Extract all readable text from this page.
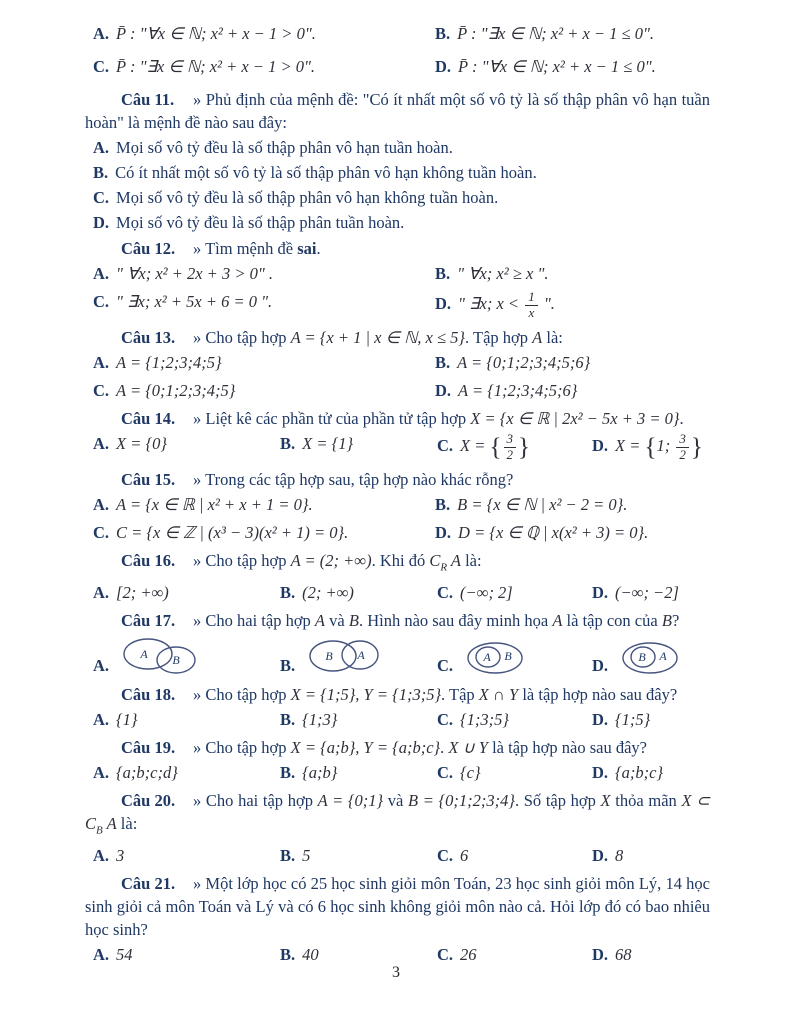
A. P̄ : "∀x ∈ ℕ; x² + x − 1 > 0".	B. P̄ : "∃x ∈ ℕ; x² + x − 1 ≤ 0".
C. P̄ : "∃x ∈ ℕ; x² + x − 1 > 0".	D. P̄ : "∀x ∈ ℕ; x² + x − 1 ≤ 0".

Câu 11. » Phủ định của mệnh đề: "Có ít nhất một số vô tỷ là số thập phân vô hạn tuần hoàn" là mệnh đề nào sau đây:

A. Mọi số vô tỷ đều là số thập phân vô hạn tuần hoàn.

B. Có ít nhất một số vô tỷ là số thập phân vô hạn không tuần hoàn.

C. Mọi số vô tỷ đều là số thập phân vô hạn không tuần hoàn.

D. Mọi số vô tỷ đều là số thập phân tuần hoàn.

Câu 12. » Tìm mệnh đề sai.

A. " ∀x; x² + 2x + 3 > 0" .	B. " ∀x; x² ≥ x ".
C. " ∃x; x² + 5x + 6 = 0 ".	D. " ∃x; $x < \frac{1}{x}$ ".

Câu 13. » Cho tập hợp A = {x + 1 | x ∈ ℕ, x ≤ 5}. Tập hợp A là:

A. A = {1;2;3;4;5}	B. A = {0;1;2;3;4;5;6}
C. A = {0;1;2;3;4;5}	D. A = {1;2;3;4;5;6}

Câu 14. » Liệt kê các phần tử của phần tử tập hợp X = {x ∈ ℝ | 2x² − 5x + 3 = 0}.

A. X = {0}	B. X = {1}	C. X = { $\frac{3}{2}$ }	D. X = {1; $\frac{3}{2}$ }

Câu 15. » Trong các tập hợp sau, tập hợp nào khác rỗng?

A. A = {x ∈ ℝ | x² + x + 1 = 0}.	B. B = {x ∈ ℕ | x² − 2 = 0}.
C. C = {x ∈ ℤ | (x³ − 3)(x² + 1) = 0}.	D. D = {x ∈ ℚ | x(x² + 3) = 0}.

Câu 16. » Cho tập hợp A = (2; +∞). Khi đó $C_R$ A là:

A. [2; +∞)	B. (2; +∞)	C. (−∞; 2]	D. (−∞; −2]

Câu 17. » Cho hai tập hợp A và B. Hình nào sau đây minh họa A là tập con của B?

A.
A B	B.	B A
C.	A B	D.	B A

Câu 18. » Cho tập hợp X = {1;5}, Y = {1;3;5}. Tập X ∩ Y là tập hợp nào sau đây?

A. {1}	B. {1;3}	C. {1;3;5}	D. {1;5}

Câu 19. » Cho tập hợp X = {a;b}, Y = {a;b;c}. X ∪ Y là tập hợp nào sau đây?

A. {a;b;c;d}	B. {a;b}	C. {c}	D. {a;b;c}

Câu 20. » Cho hai tập hợp A = {0;1} và B = {0;1;2;3;4}. Số tập hợp X thỏa mãn X ⊂ $C_B$ A là:

A. 3	B. 5	C. 6	D. 8

Câu 21. » Một lớp học có 25 học sinh giỏi môn Toán, 23 học sinh giỏi môn Lý, 14 học sinh giỏi cả môn Toán và Lý và có 6 học sinh không giỏi môn nào cả. Hỏi lớp đó có bao nhiêu học sinh?

A. 54	B. 40	C. 26	D. 68
3
